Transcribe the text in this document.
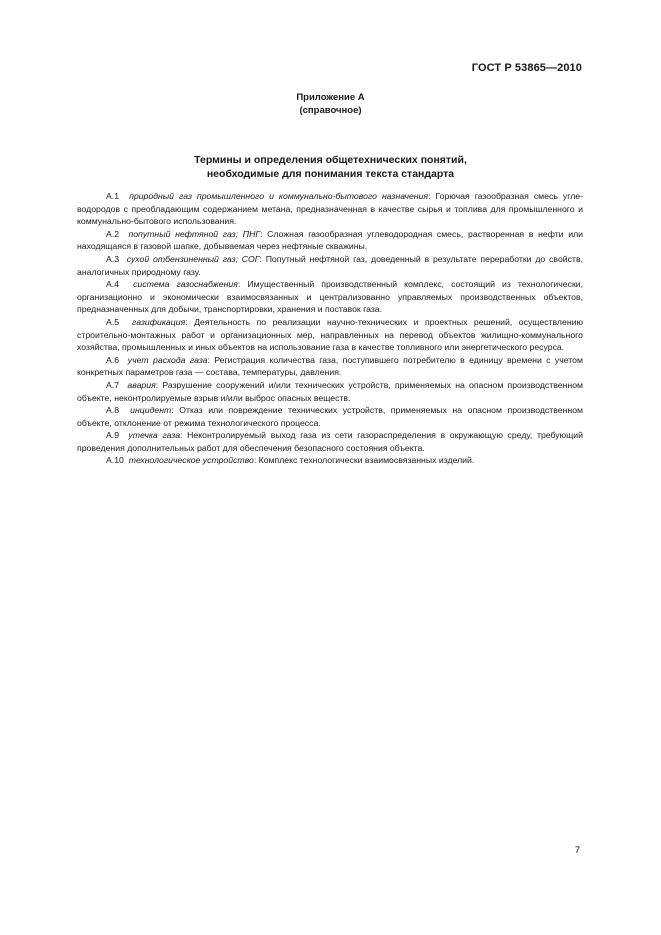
ГОСТ Р 53865—2010
Приложение А
(справочное)
Термины и определения общетехнических понятий,
необходимые для понимания текста стандарта

А.1 природный газ промышленного и коммунально-бытового назначения: Горючая газообразная смесь углеводородов с преобладающим содержанием метана, предназначенная в качестве сырья и топлива для промышленного и коммунально-бытового использования.

А.2 попутный нефтяной газ; ПНГ: Сложная газообразная углеводородная смесь, растворенная в нефти или находящаяся в газовой шапке, добываемая через нефтяные скважины.

А.3 сухой отбензиненный газ; СОГ: Попутный нефтяной газ, доведенный в результате переработки до свойств, аналогичных природному газу.

А.4 система газоснабжения: Имущественный производственный комплекс, состоящий из технологически, организационно и экономически взаимосвязанных и централизованно управляемых производственных объектов, предназначенных для добычи, транспортировки, хранения и поставок газа.

А.5 газификация: Деятельность по реализации научно-технических и проектных решений, осуществлению строительно-монтажных работ и организационных мер, направленных на перевод объектов жилищно-коммунального хозяйства, промышленных и иных объектов на использование газа в качестве топливного или энергетического ресурса.

А.6 учет расхода газа: Регистрация количества газа, поступившего потребителю в единицу времени с учетом конкретных параметров газа — состава, температуры, давления.

А.7 авария: Разрушение сооружений и/или технических устройств, применяемых на опасном производственном объекте, неконтролируемые взрыв и/или выброс опасных веществ.

А.8 инцидент: Отказ или повреждение технических устройств, применяемых на опасном производственном объекте, отклонение от режима технологического процесса.

А.9 утечка газа: Неконтролируемый выход газа из сети газораспределения в окружающую среду, требующий проведения дополнительных работ для обеспечения безопасного состояния объекта.

А.10 технологическое устройство: Комплекс технологически взаимосвязанных изделий.

7
